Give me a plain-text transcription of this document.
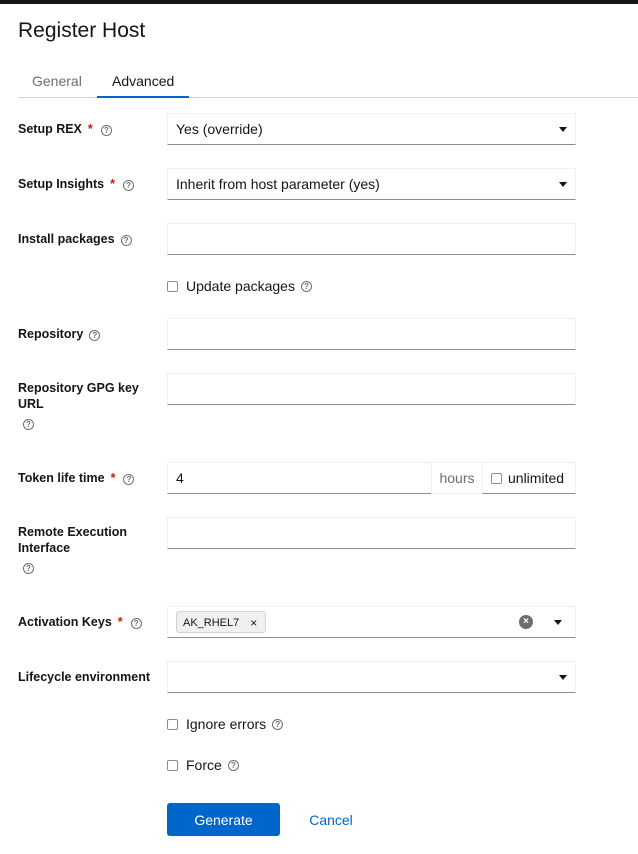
Register Host
General	Advanced
Setup REX * ?	Yes (override)
Setup Insights * ?	Inherit from host parameter (yes)
Install packages ?
Update packages	?
Repository ?
Repository GPG key
URL
?
Token life time * ?	4	hours	unlimited
Remote Execution
Interface
?
Activation Keys * ?	AK_RHEL7 ×	×
Lifecycle environment
Ignore errors	?
Force	?
Generate	Cancel
